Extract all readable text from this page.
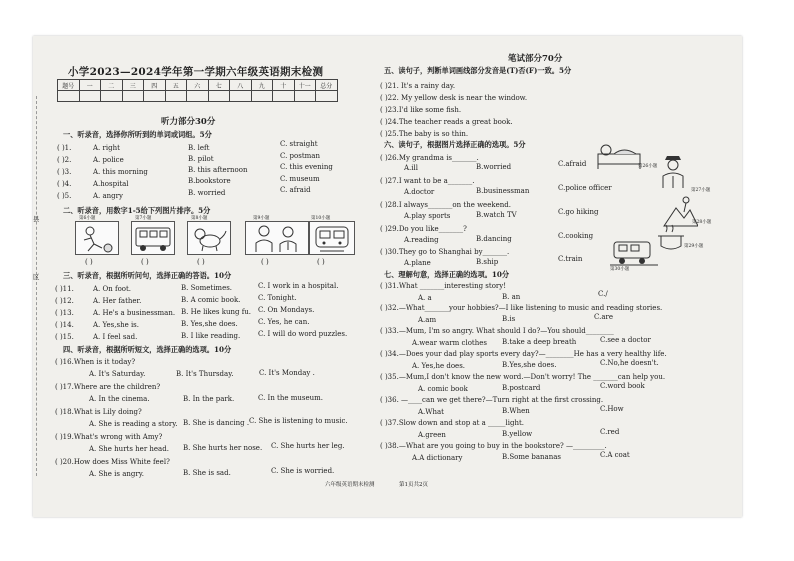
县
区
小学2023—2024学年第一学期六年级英语期末检测
题号	一	二	三	四	五	六	七	八	九	十	十一	总分

听力部分30分
一、听录音，选择你所听到的单词或词组。5分
( )1.	A. right	B. left	C. straight
( )2.	A. police	B. pilot	C. postman
( )3.	A. this morning	B. this afternoon	C. this evening
( )4.	A.hospital	B.bookstore	C. museum
( )5.	A. angry	B. worried	C. afraid
二、听录音，用数字1-5给下列图片排序。5分
第6小题	第7小题	第8小题	第9小题	第10小题
( )	( )	( )	( )	( )
三、听录音，根据所听问句，选择正确的答语。10分
( )11.	A. On foot.	B. Sometimes.	C. I work in a hospital.
( )12.	A. Her father.	B. A comic book.	C. Tonight.
( )13.	A. He's a businessman. B. He likes kung fu. C. On Mondays.
( )14.	A. Yes,she is.	B. Yes,she does.	C. Yes, he can.
( )15.	A. I feel sad.	B. I like reading.	C. I will do word puzzles.
四、听录音，根据所听短文，选择正确的选项。10分
( )16.When is it today?
A. It's Saturday.	B. It's Thursday.	C. It's Monday .
( )17.Where are the children?
A. In the cinema.	B. In the park.	C. In the museum.
( )18.What is Lily doing?
A. She is reading a story. B. She is dancing . C. She is listening to music.
( )19.What's wrong with Amy?
A. She hurts her head. B. She hurts her nose. C. She hurts her leg.
( )20.How does Miss White feel?
A. She is angry.	B. She is sad.	C. She is worried.
笔试部分70分
五、读句子，判断单词画线部分发音是(T)否(F)一致。5分
( )21. It's a rainy day.
( )22. My yellow desk is near the window.
( )23.I'd like some fish.
( )24.The teacher reads a great book.
( )25.The baby is so thin.
六、读句子，根据图片选择正确的选项。5分
( )26.My grandma is_______.
A.ill	B.worried	C.afraid
( )27.I want to be a_______.
A.doctor	B.businessman	C.police officer
( )28.I always_______on the weekend.
A.play sports	B.watch TV	C.go hiking
( )29.Do you like_______?
A.reading	B.dancing	C.cooking
( )30.They go to Shanghai by_______.
A.plane	B.ship	C.train
第26小题
第27小题
第28小题
第29小题
第30小题
七、理解句意，选择正确的选项。10分
( )31.What _______interesting story!
A. a	B. an	C./
( )32.—What_______your hobbies?—I like listening to music and reading stories.
A.am	B.is	C.are
( )33.—Mum, I'm so angry. What should I do?—You should________
A.wear warm clothes B.take a deep breath	C.see a doctor
( )34.—Does your dad play sports every day?—________He has a very healthy life.
A. Yes,he does.	B.Yes,she does.	C.No,he doesn't.
( )35.—Mum,I don't know the new word.—Don't worry! The _______can help you.
A. comic book	B.postcard	C.word book
( )36. —____can we get there?—Turn right at the first crossing.
A.What	B.When	C.How
( )37.Slow down and stop at a _____light.
A.green	B.yellow	C.red
( )38.—What are you going to buy in the bookstore? —_________.
A.A dictionary	B.Some bananas	C.A coat
六年级英语期末检测	第1页共2页
